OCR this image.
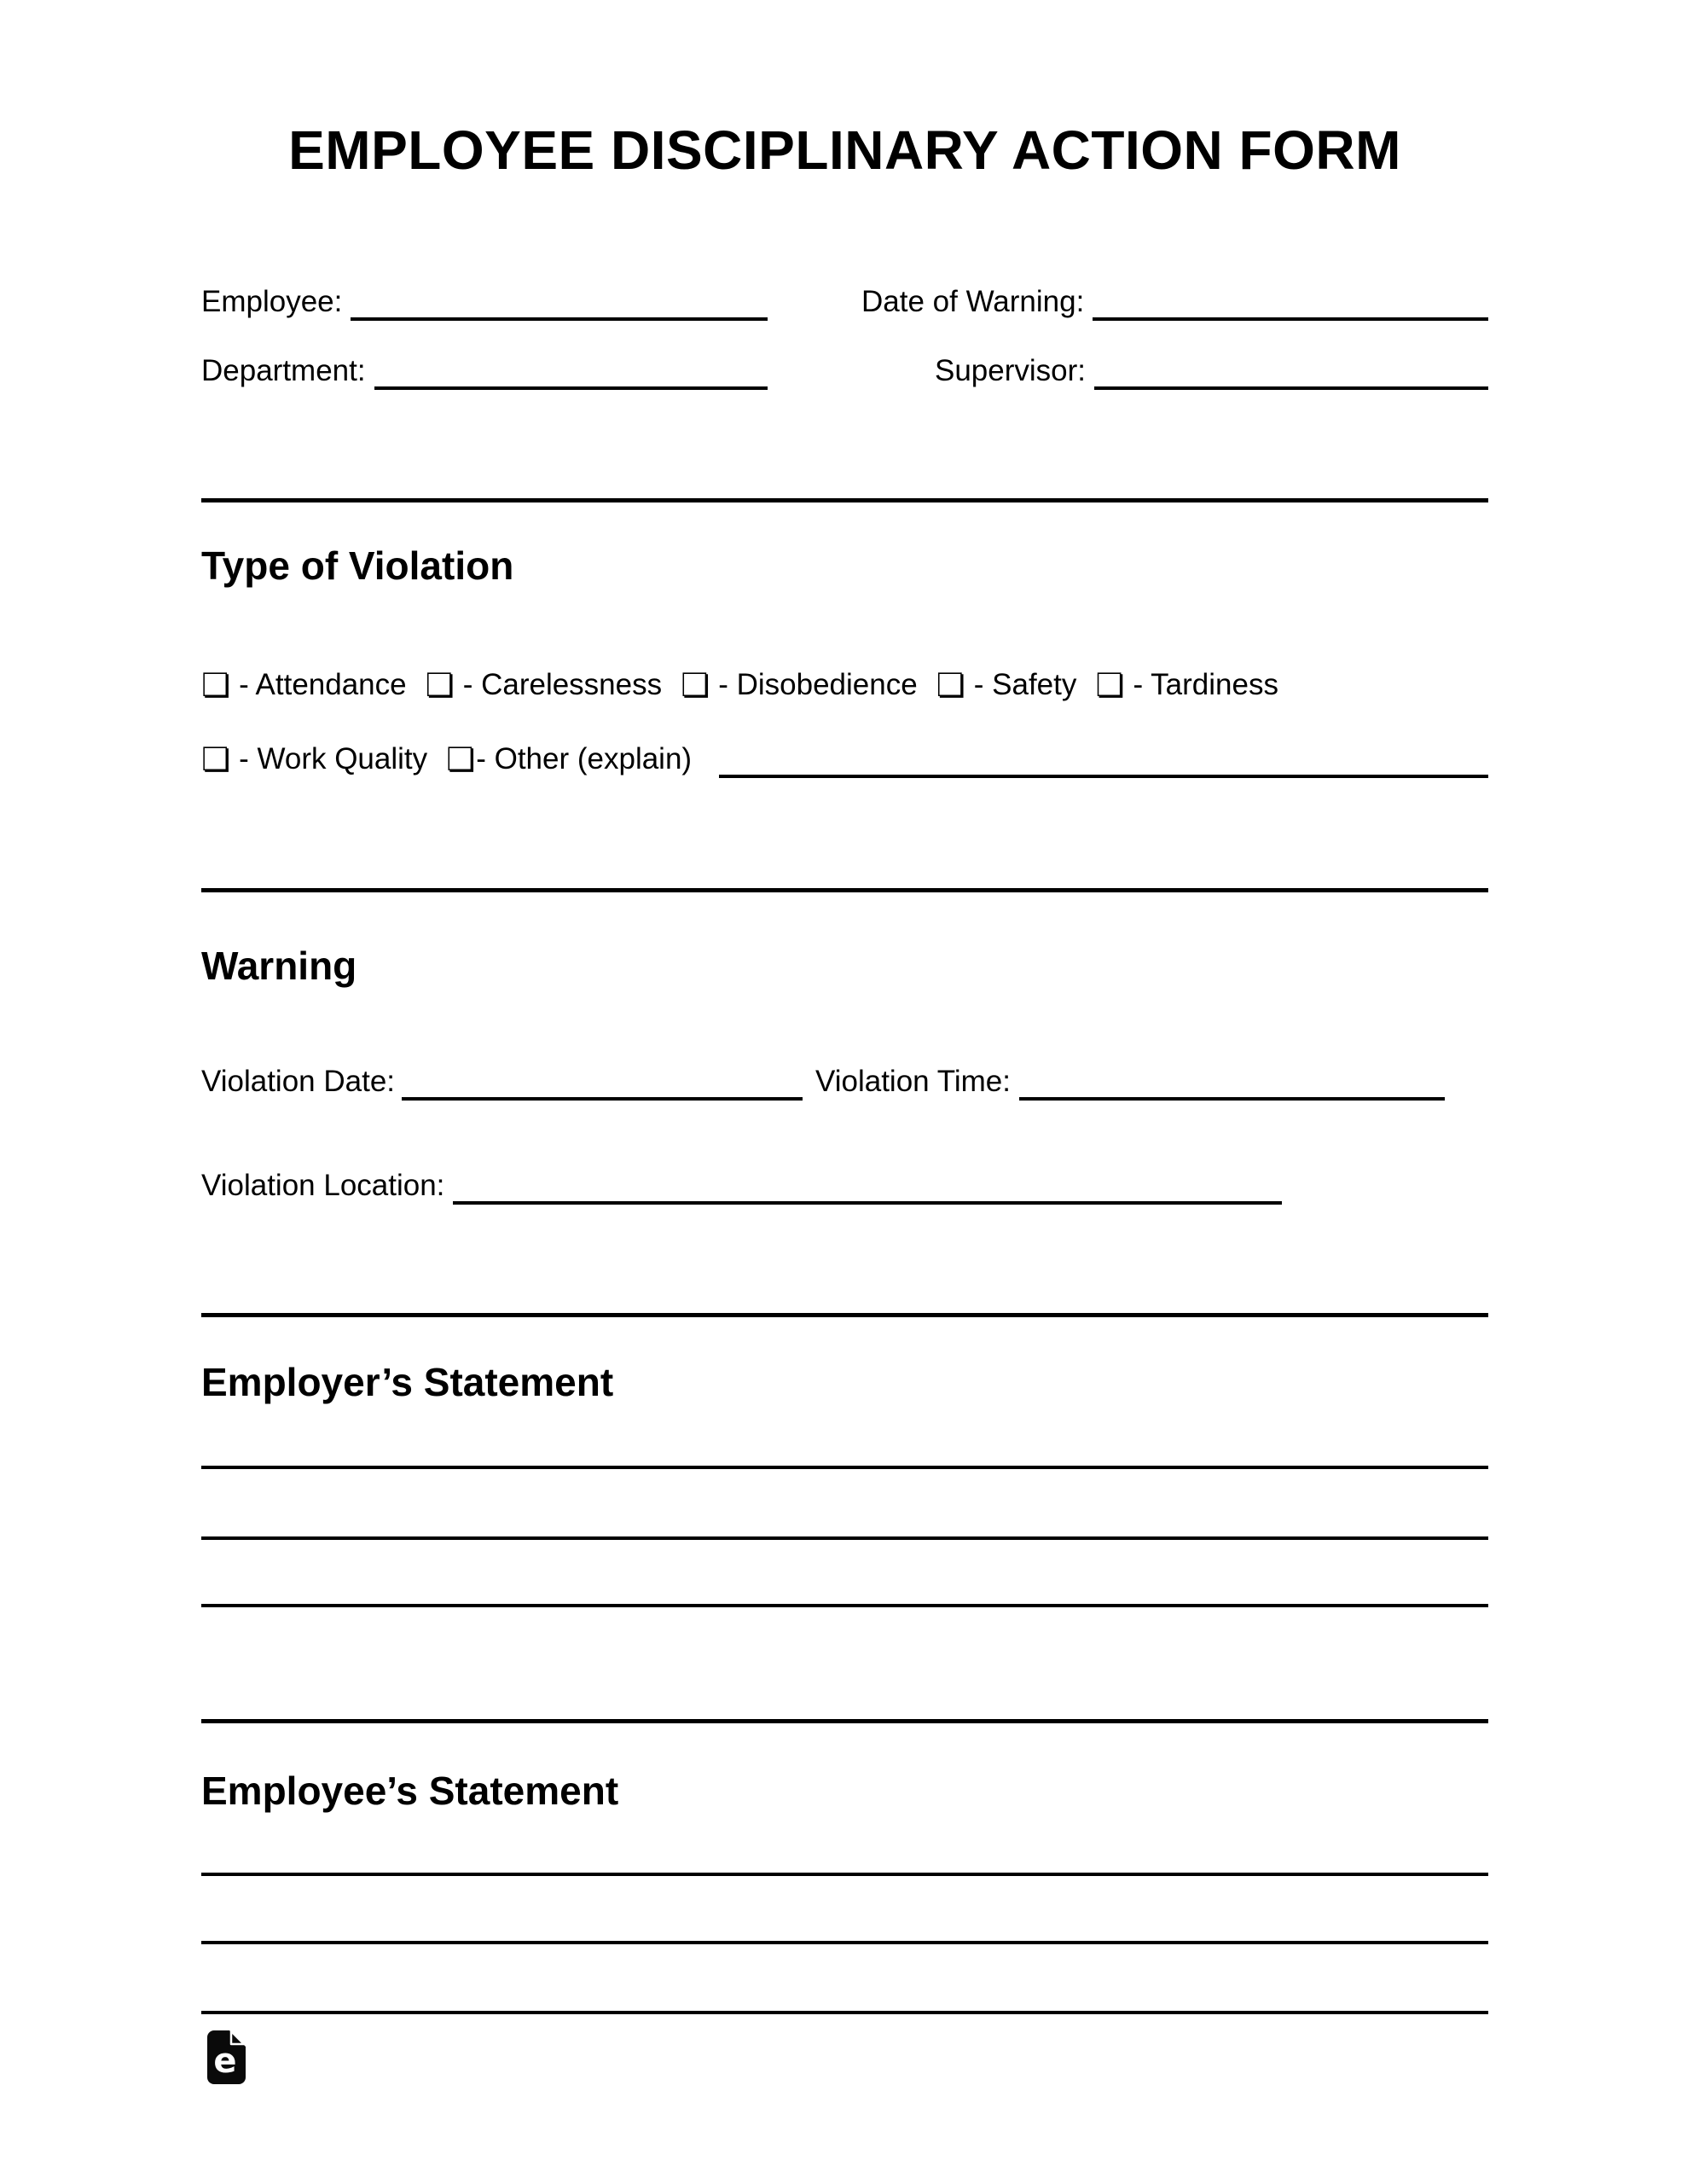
EMPLOYEE DISCIPLINARY ACTION FORM
Employee:	Date of Warning:
Department:	Supervisor:
Type of Violation
❏ - Attendance ❏ - Carelessness ❏ - Disobedience ❏ - Safety ❏ - Tardiness
❏ - Work Quality ❏ - Other (explain)
Warning
Violation Date:	Violation Time:
Violation Location:
Employer’s Statement
Employee’s Statement
e
